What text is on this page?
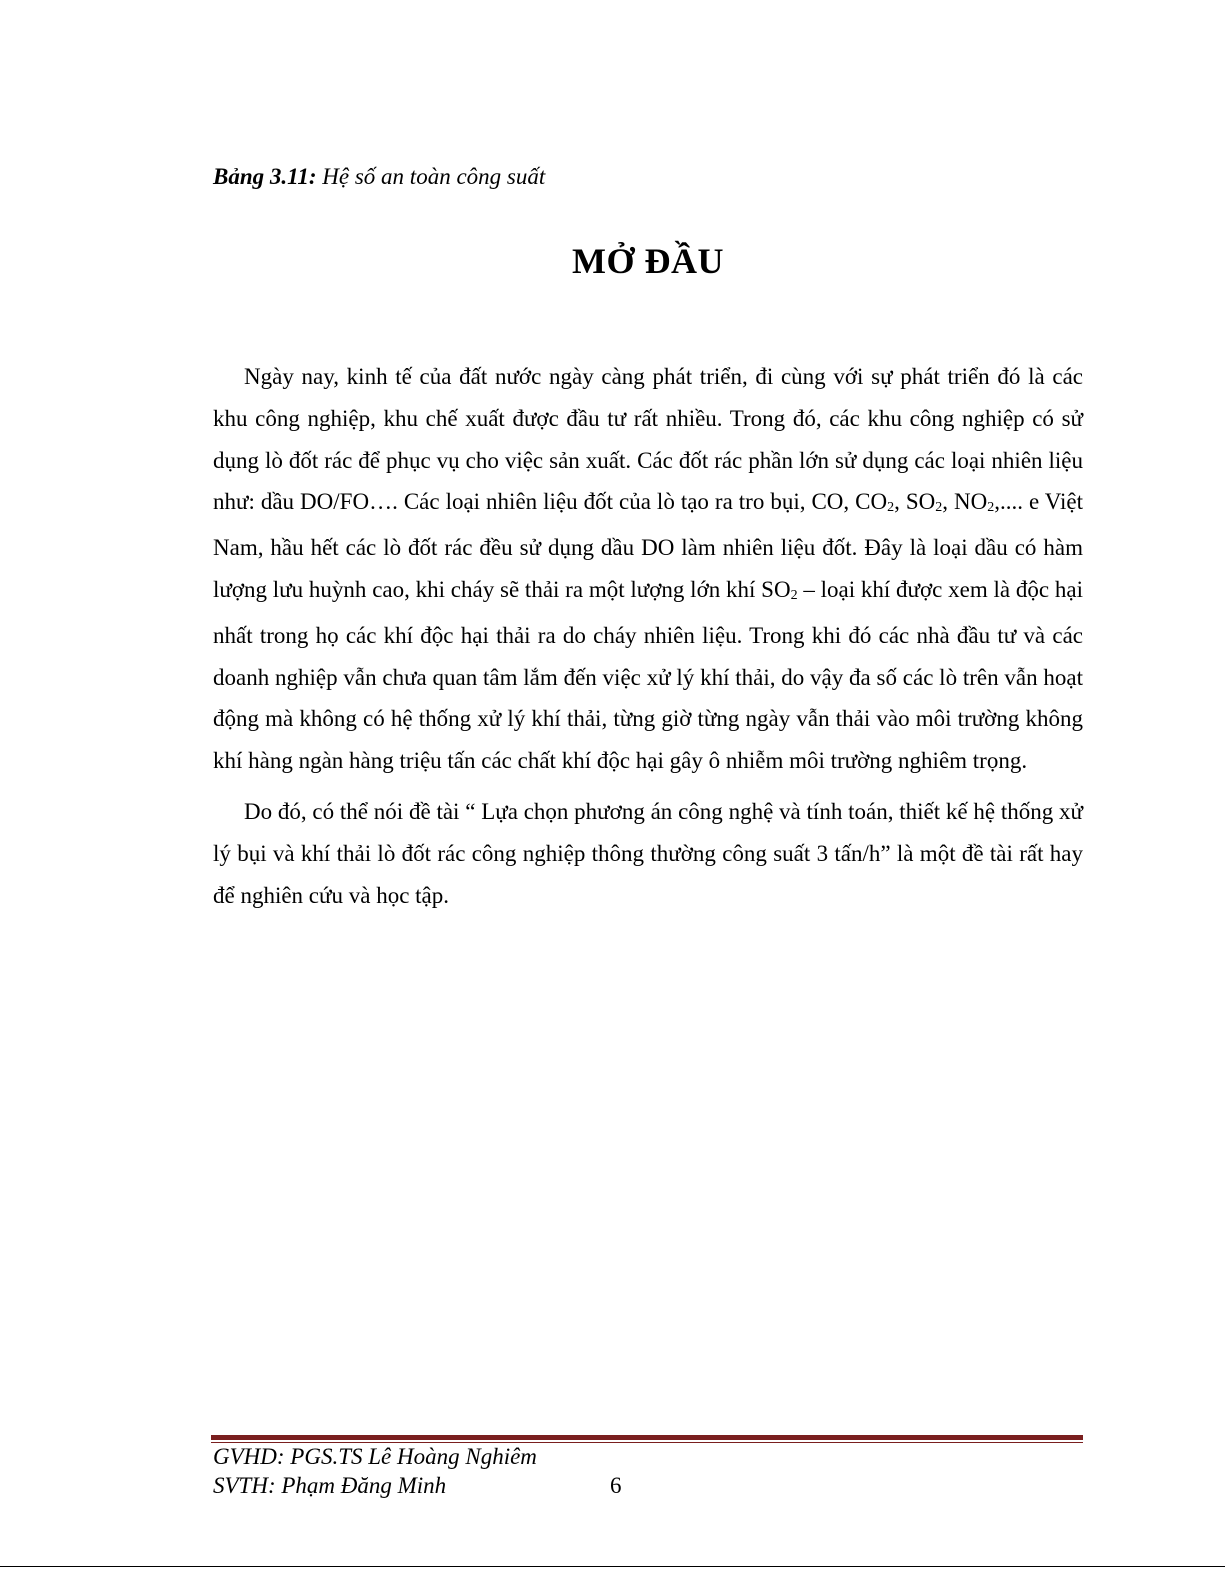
Bảng 3.11: Hệ số an toàn công suất
MỞ ĐẦU

Ngày nay, kinh tế của đất nước ngày càng phát triển, đi cùng với sự phát triển đó là các khu công nghiệp, khu chế xuất được đầu tư rất nhiều. Trong đó, các khu công nghiệp có sử dụng lò đốt rác để phục vụ cho việc sản xuất. Các đốt rác phần lớn sử dụng các loại nhiên liệu như: dầu DO/FO…. Các loại nhiên liệu đốt của lò tạo ra tro bụi, CO, $CO_2$, $SO_2$, $NO_2$,.... e Việt Nam, hầu hết các lò đốt rác đều sử dụng dầu DO làm nhiên liệu đốt. Đây là loại dầu có hàm lượng lưu huỳnh cao, khi cháy sẽ thải ra một lượng lớn khí $SO_2$ – loại khí được xem là độc hại nhất trong họ các khí độc hại thải ra do cháy nhiên liệu. Trong khi đó các nhà đầu tư và các doanh nghiệp vẫn chưa quan tâm lắm đến việc xử lý khí thải, do vậy đa số các lò trên vẫn hoạt động mà không có hệ thống xử lý khí thải, từng giờ từng ngày vẫn thải vào môi trường không khí hàng ngàn hàng triệu tấn các chất khí độc hại gây ô nhiễm môi trường nghiêm trọng.

Do đó, có thể nói đề tài “ Lựa chọn phương án công nghệ và tính toán, thiết kế hệ thống xử lý bụi và khí thải lò đốt rác công nghiệp thông thường công suất 3 tấn/h” là một đề tài rất hay để nghiên cứu và học tập.

GVHD: PGS.TS Lê Hoàng Nghiêm
SVTH: Phạm Đăng Minh	6
